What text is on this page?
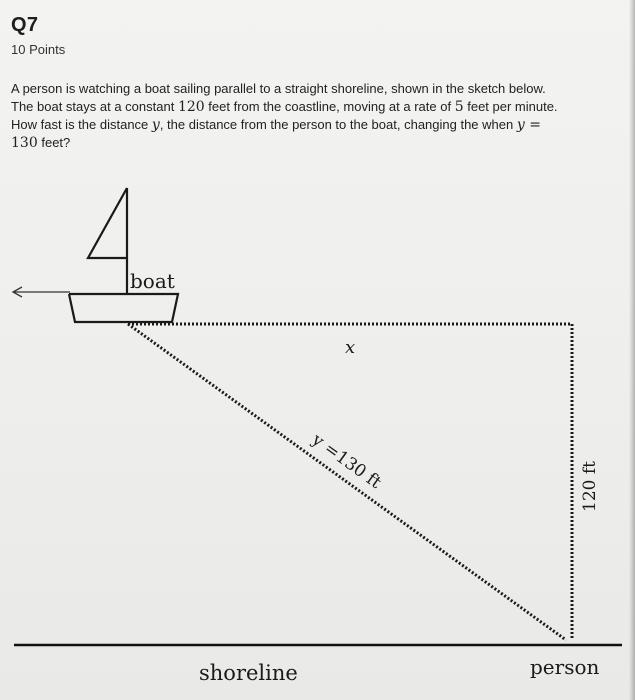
Q7
10 Points
A person is watching a boat sailing parallel to a straight shoreline, shown in the sketch below.
The boat stays at a constant 120 feet from the coastline, moving at a rate of 5 feet per minute.
How fast is the distance y, the distance from the person to the boat, changing the when y =
130 feet?
boat
x
y =130 ft	120 ft
shoreline	person
